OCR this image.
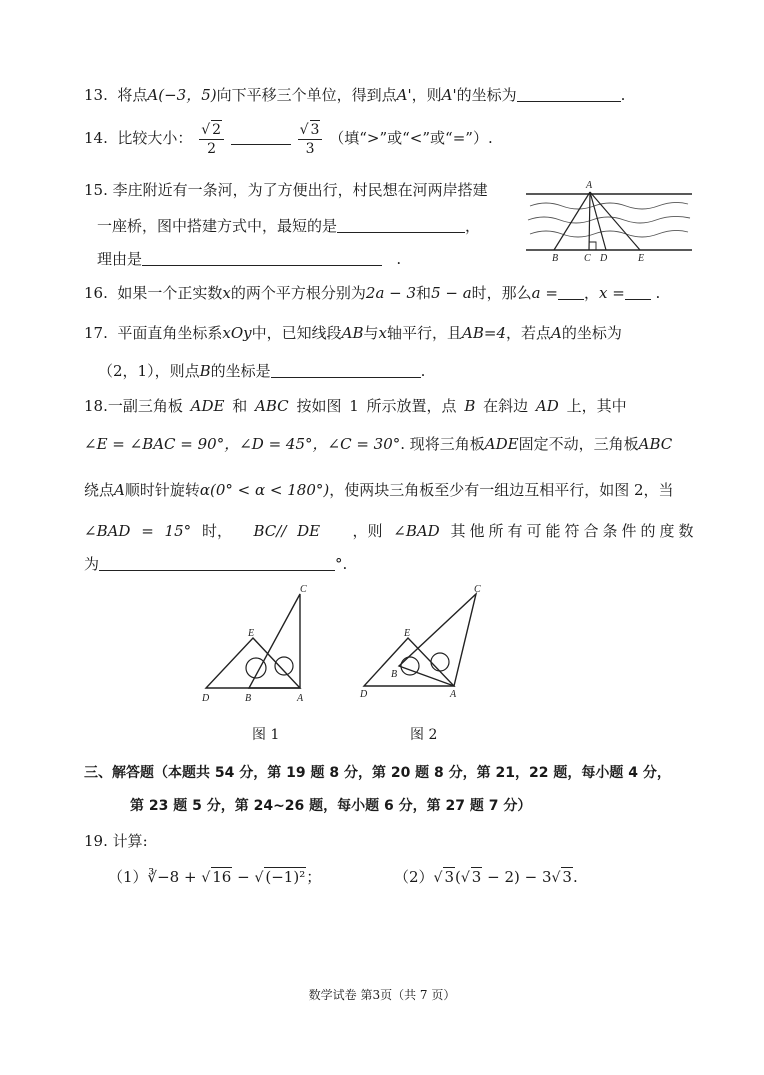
13. 将点A(−3，5)向下平移三个单位，得到点A'，则A'的坐标为	.
14. 比较大小： $\frac{√ 2}{2}$
	$\frac{√ 3}{3}$ （填“>”或“<”或“=”）.
15. 李庄附近有一条河，为了方便出行，村民想在河两岸搭建
一座桥，图中搭建方式中，最短的是	，
理由是	.
A
B	C D	E
16. 如果一个正实数x的两个平方根分别为2a − 3和5 − a时，那么a = ，x = .
17. 平面直角坐标系xOy中，已知线段AB与x轴平行，且AB=4，若点A的坐标为
（2，1），则点B的坐标是	.
18.一副三角板 ADE 和 ABC 按如图 1 所示放置，点 B 在斜边 AD 上，其中
∠E = ∠BAC = 90°，∠D = 45°，∠C = 30°. 现将三角板ADE固定不动，三角板ABC
绕点A顺时针旋转α(0° < α < 180°)，使两块三角板至少有一组边互相平行，如图 2，当
∠BAD = 15° 时， BC// DE ，则 ∠BAD 其他所有可能符合条件的度数
为	°.
C
E
D	B	A
C
E
D
B
A
图 1	图 2
三、解答题（本题共 54 分，第 19 题 8 分，第 20 题 8 分，第 21，22 题，每小题 4 分，
第 23 题 5 分，第 24~26 题，每小题 6 分，第 27 题 7 分）
19. 计算:
（1）∛−8 + √ 16 − √ (−1)²；	（2）√ 3(√ 3 − 2) − 3√ 3.
数学试卷 第3页（共 7 页）
